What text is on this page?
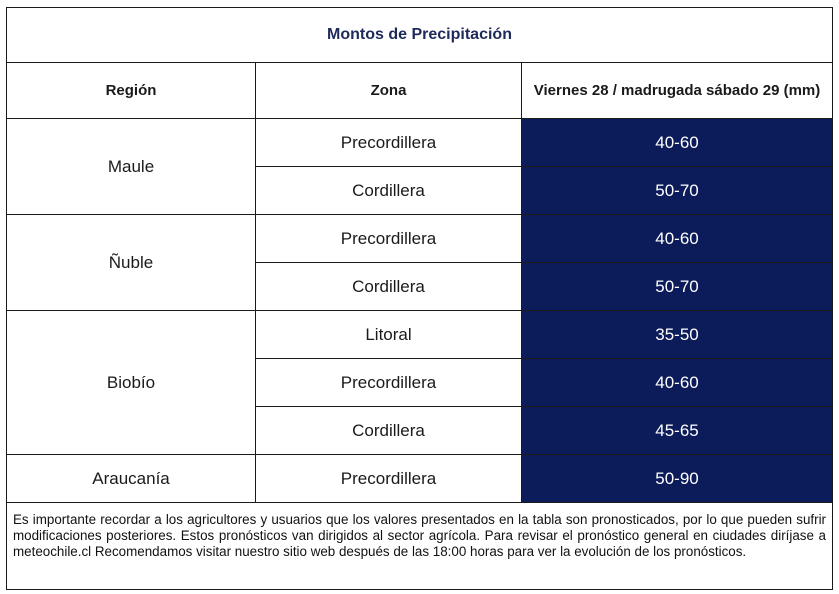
Montos de Precipitación		
Región	Zona	Viernes 28 / madrugada sábado 29 (mm)
Maule	Precordillera	40-60
	Cordillera	50-70
Ñuble	Precordillera	40-60
	Cordillera	50-70
Biobío	Litoral	35-50
	Precordillera	40-60
	Cordillera	45-65
Araucanía	Precordillera	50-90
Es importante recordar a los agricultores y usuarios que los valores presentados en la tabla son pronosticados, por lo que pueden sufrir modificaciones posteriores. Estos pronósticos van dirigidos al sector agrícola. Para revisar el pronóstico general en ciudades diríjase a meteochile.cl Recomendamos visitar nuestro sitio web después de las 18:00 horas para ver la evolución de los pronósticos.		
